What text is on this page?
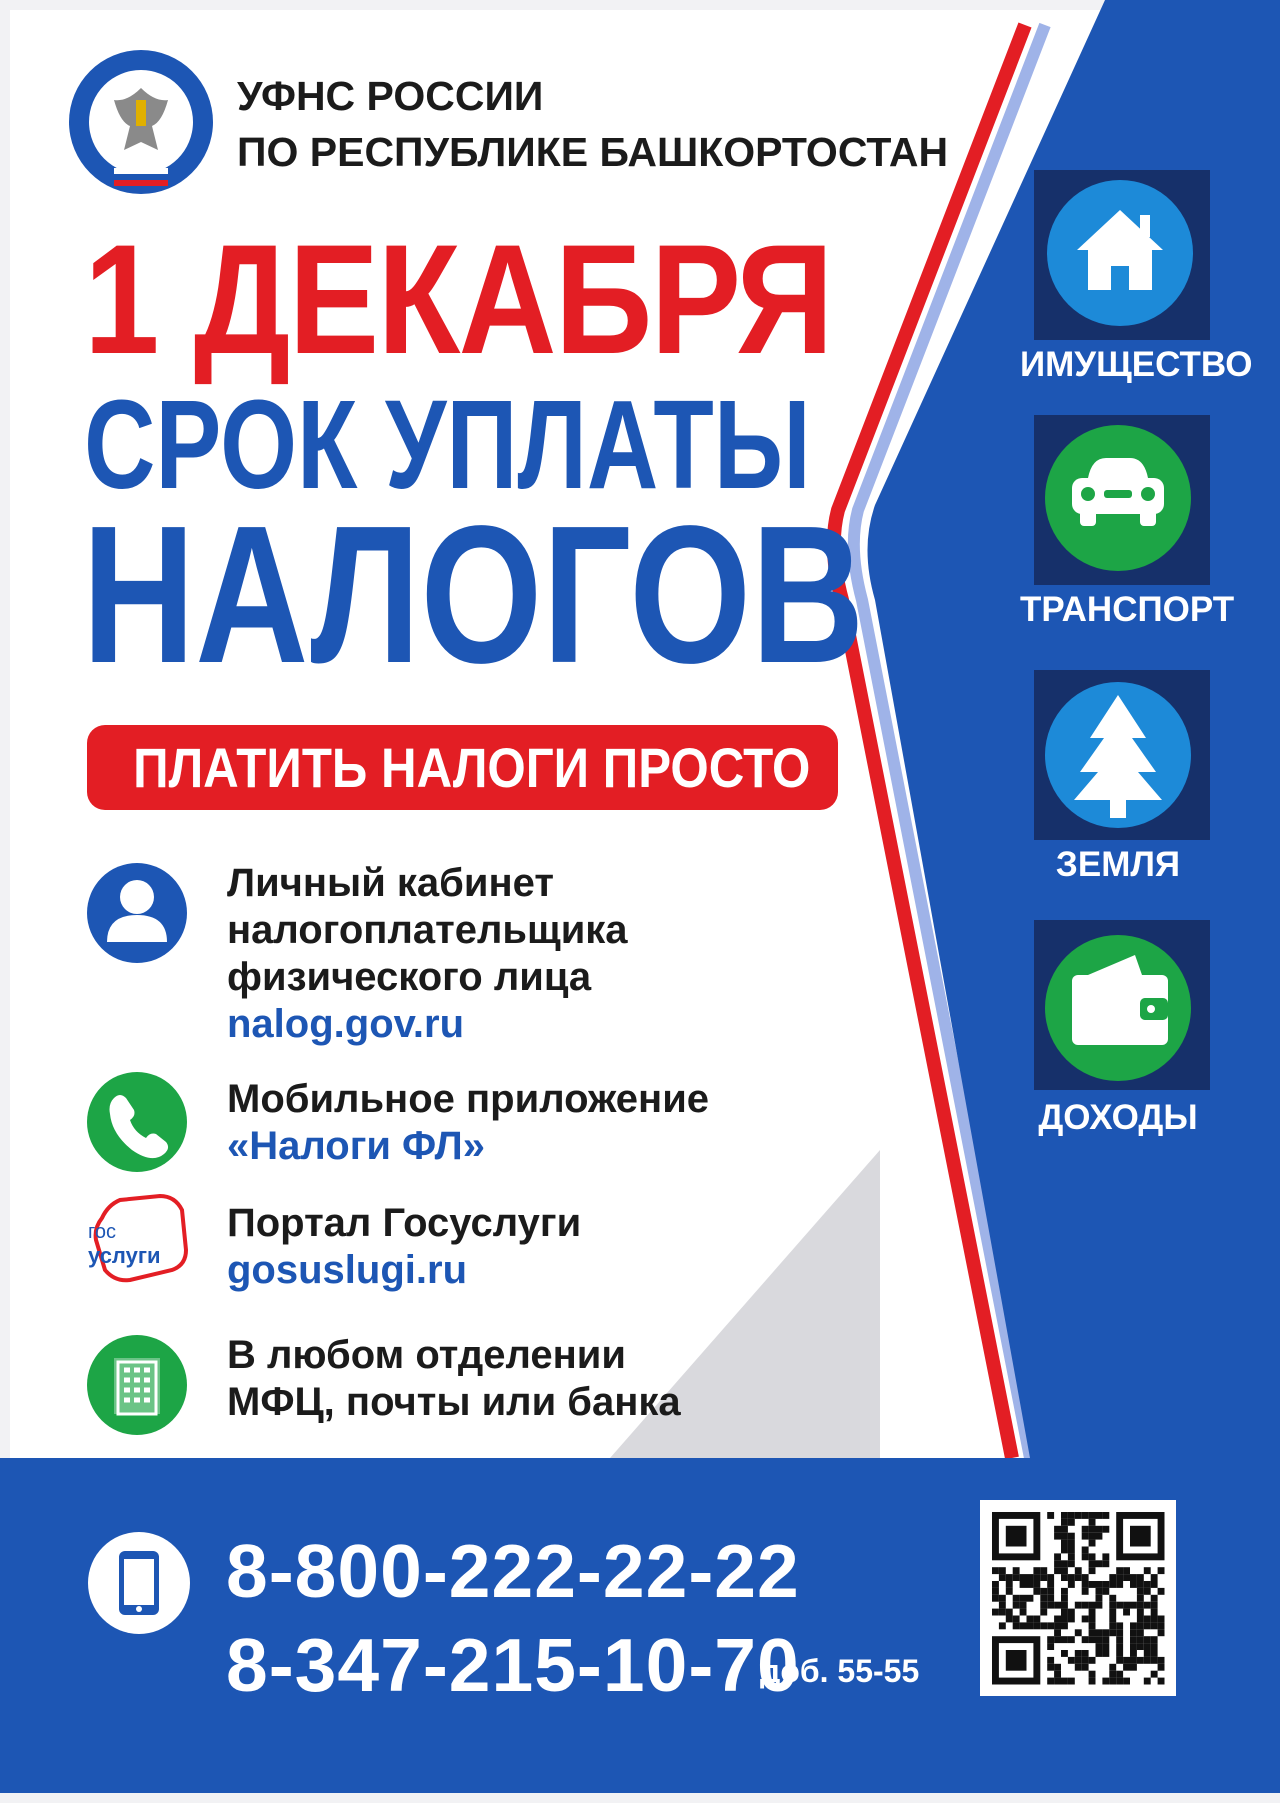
гос
услуги
УФНС РОССИИ
ПО РЕСПУБЛИКЕ БАШКОРТОСТАН
1 ДЕКАБРЯ
СРОК УПЛАТЫ
НАЛОГОВ
ПЛАТИТЬ НАЛОГИ ПРОСТО
Личный кабинет
налогоплательщика
физического лица
nalog.gov.ru
Мобильное приложение
«Налоги ФЛ»
Портал Госуслуги
gosuslugi.ru
В любом отделении
МФЦ, почты или банка
ИМУЩЕСТВО
ТРАНСПОРТ
ЗЕМЛЯ
ДОХОДЫ
8-800-222-22-22
8-347-215-10-70
доб. 55-55
